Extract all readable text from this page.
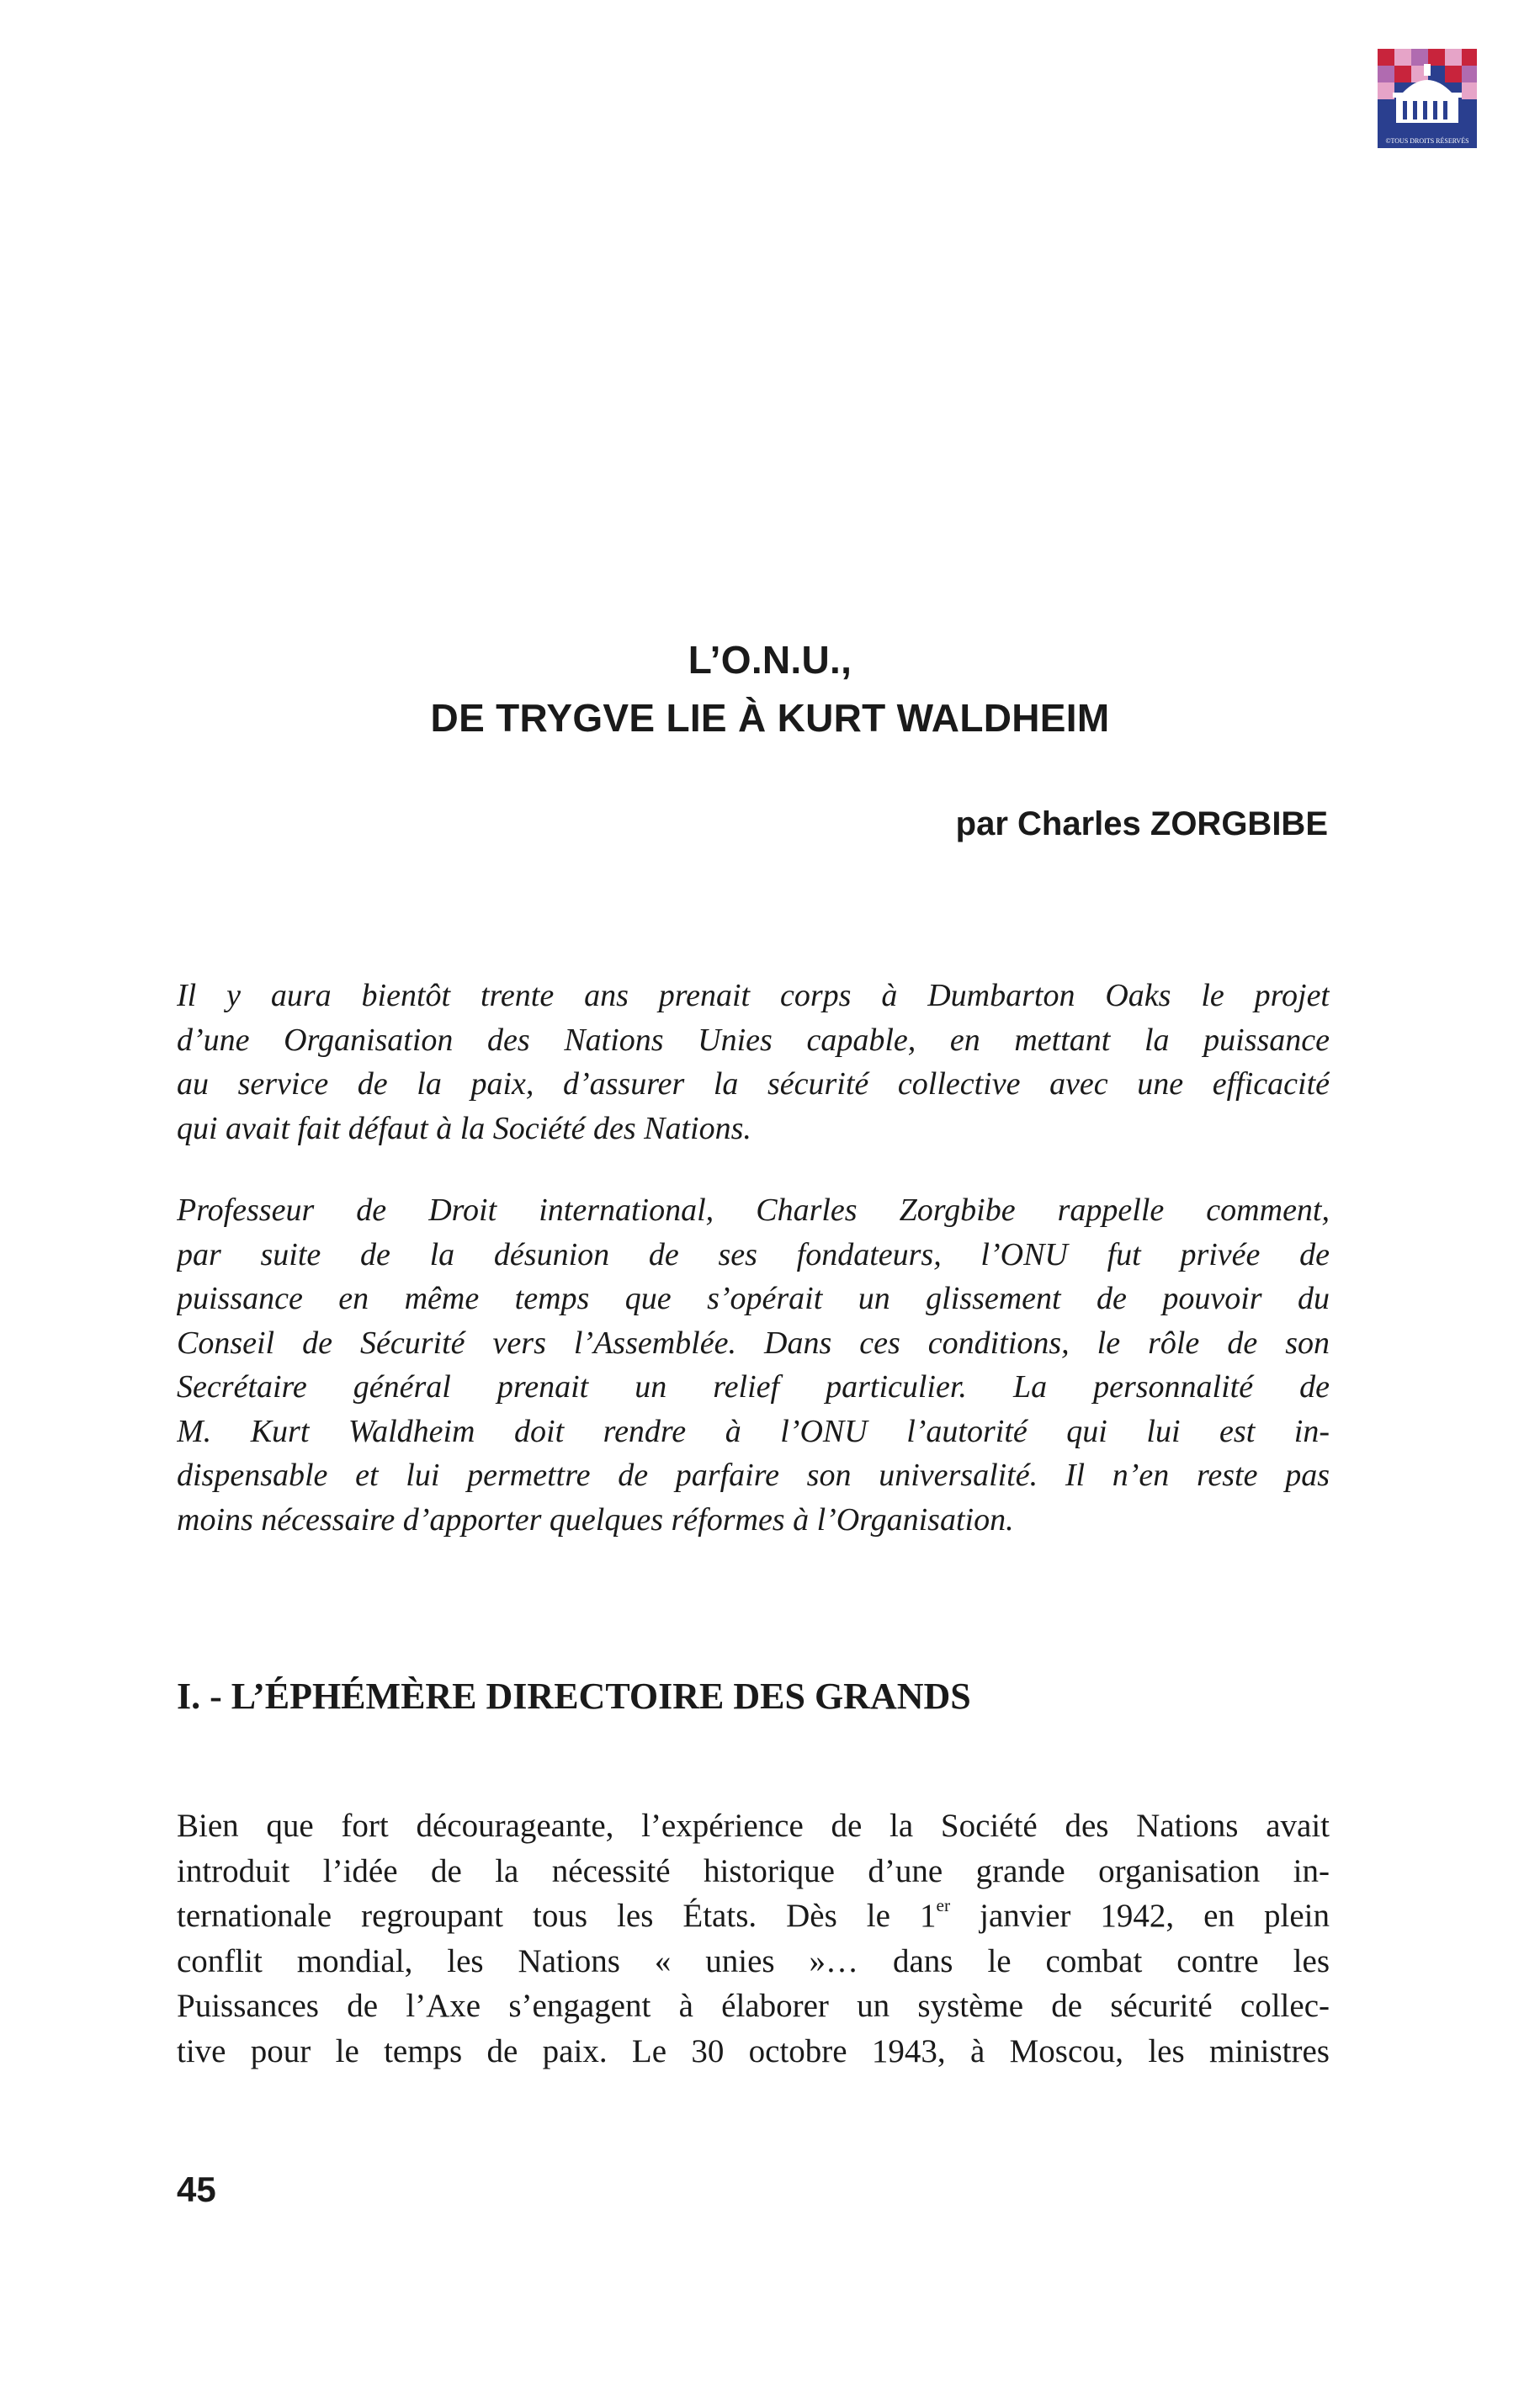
©TOUS DROITS RÉSERVÉS
L’O.N.U.,
DE TRYGVE LIE À KURT WALDHEIM

par Charles ZORGBIBE

Il y aura bientôt trente ans prenait corps à Dumbarton Oaks le projet
d’une Organisation des Nations Unies capable, en mettant la puissance
au service de la paix, d’assurer la sécurité collective avec une efficacité
qui avait fait défaut à la Société des Nations.
Professeur de Droit international, Charles Zorgbibe rappelle comment,
par suite de la désunion de ses fondateurs, l’ONU fut privée de
puissance en même temps que s’opérait un glissement de pouvoir du
Conseil de Sécurité vers l’Assemblée. Dans ces conditions, le rôle de son
Secrétaire général prenait un relief particulier. La personnalité de
M. Kurt Waldheim doit rendre à l’ONU l’autorité qui lui est in-
dispensable et lui permettre de parfaire son universalité. Il n’en reste pas
moins nécessaire d’apporter quelques réformes à l’Organisation.
I. - L’ÉPHÉMÈRE DIRECTOIRE DES GRANDS
Bien que fort décourageante, l’expérience de la Société des Nations avait
introduit l’idée de la nécessité historique d’une grande organisation in-
ternationale regroupant tous les États. Dès le 1er janvier 1942, en plein
conflit mondial, les Nations « unies »… dans le combat contre les
Puissances de l’Axe s’engagent à élaborer un système de sécurité collec-
tive pour le temps de paix. Le 30 octobre 1943, à Moscou, les ministres

45
